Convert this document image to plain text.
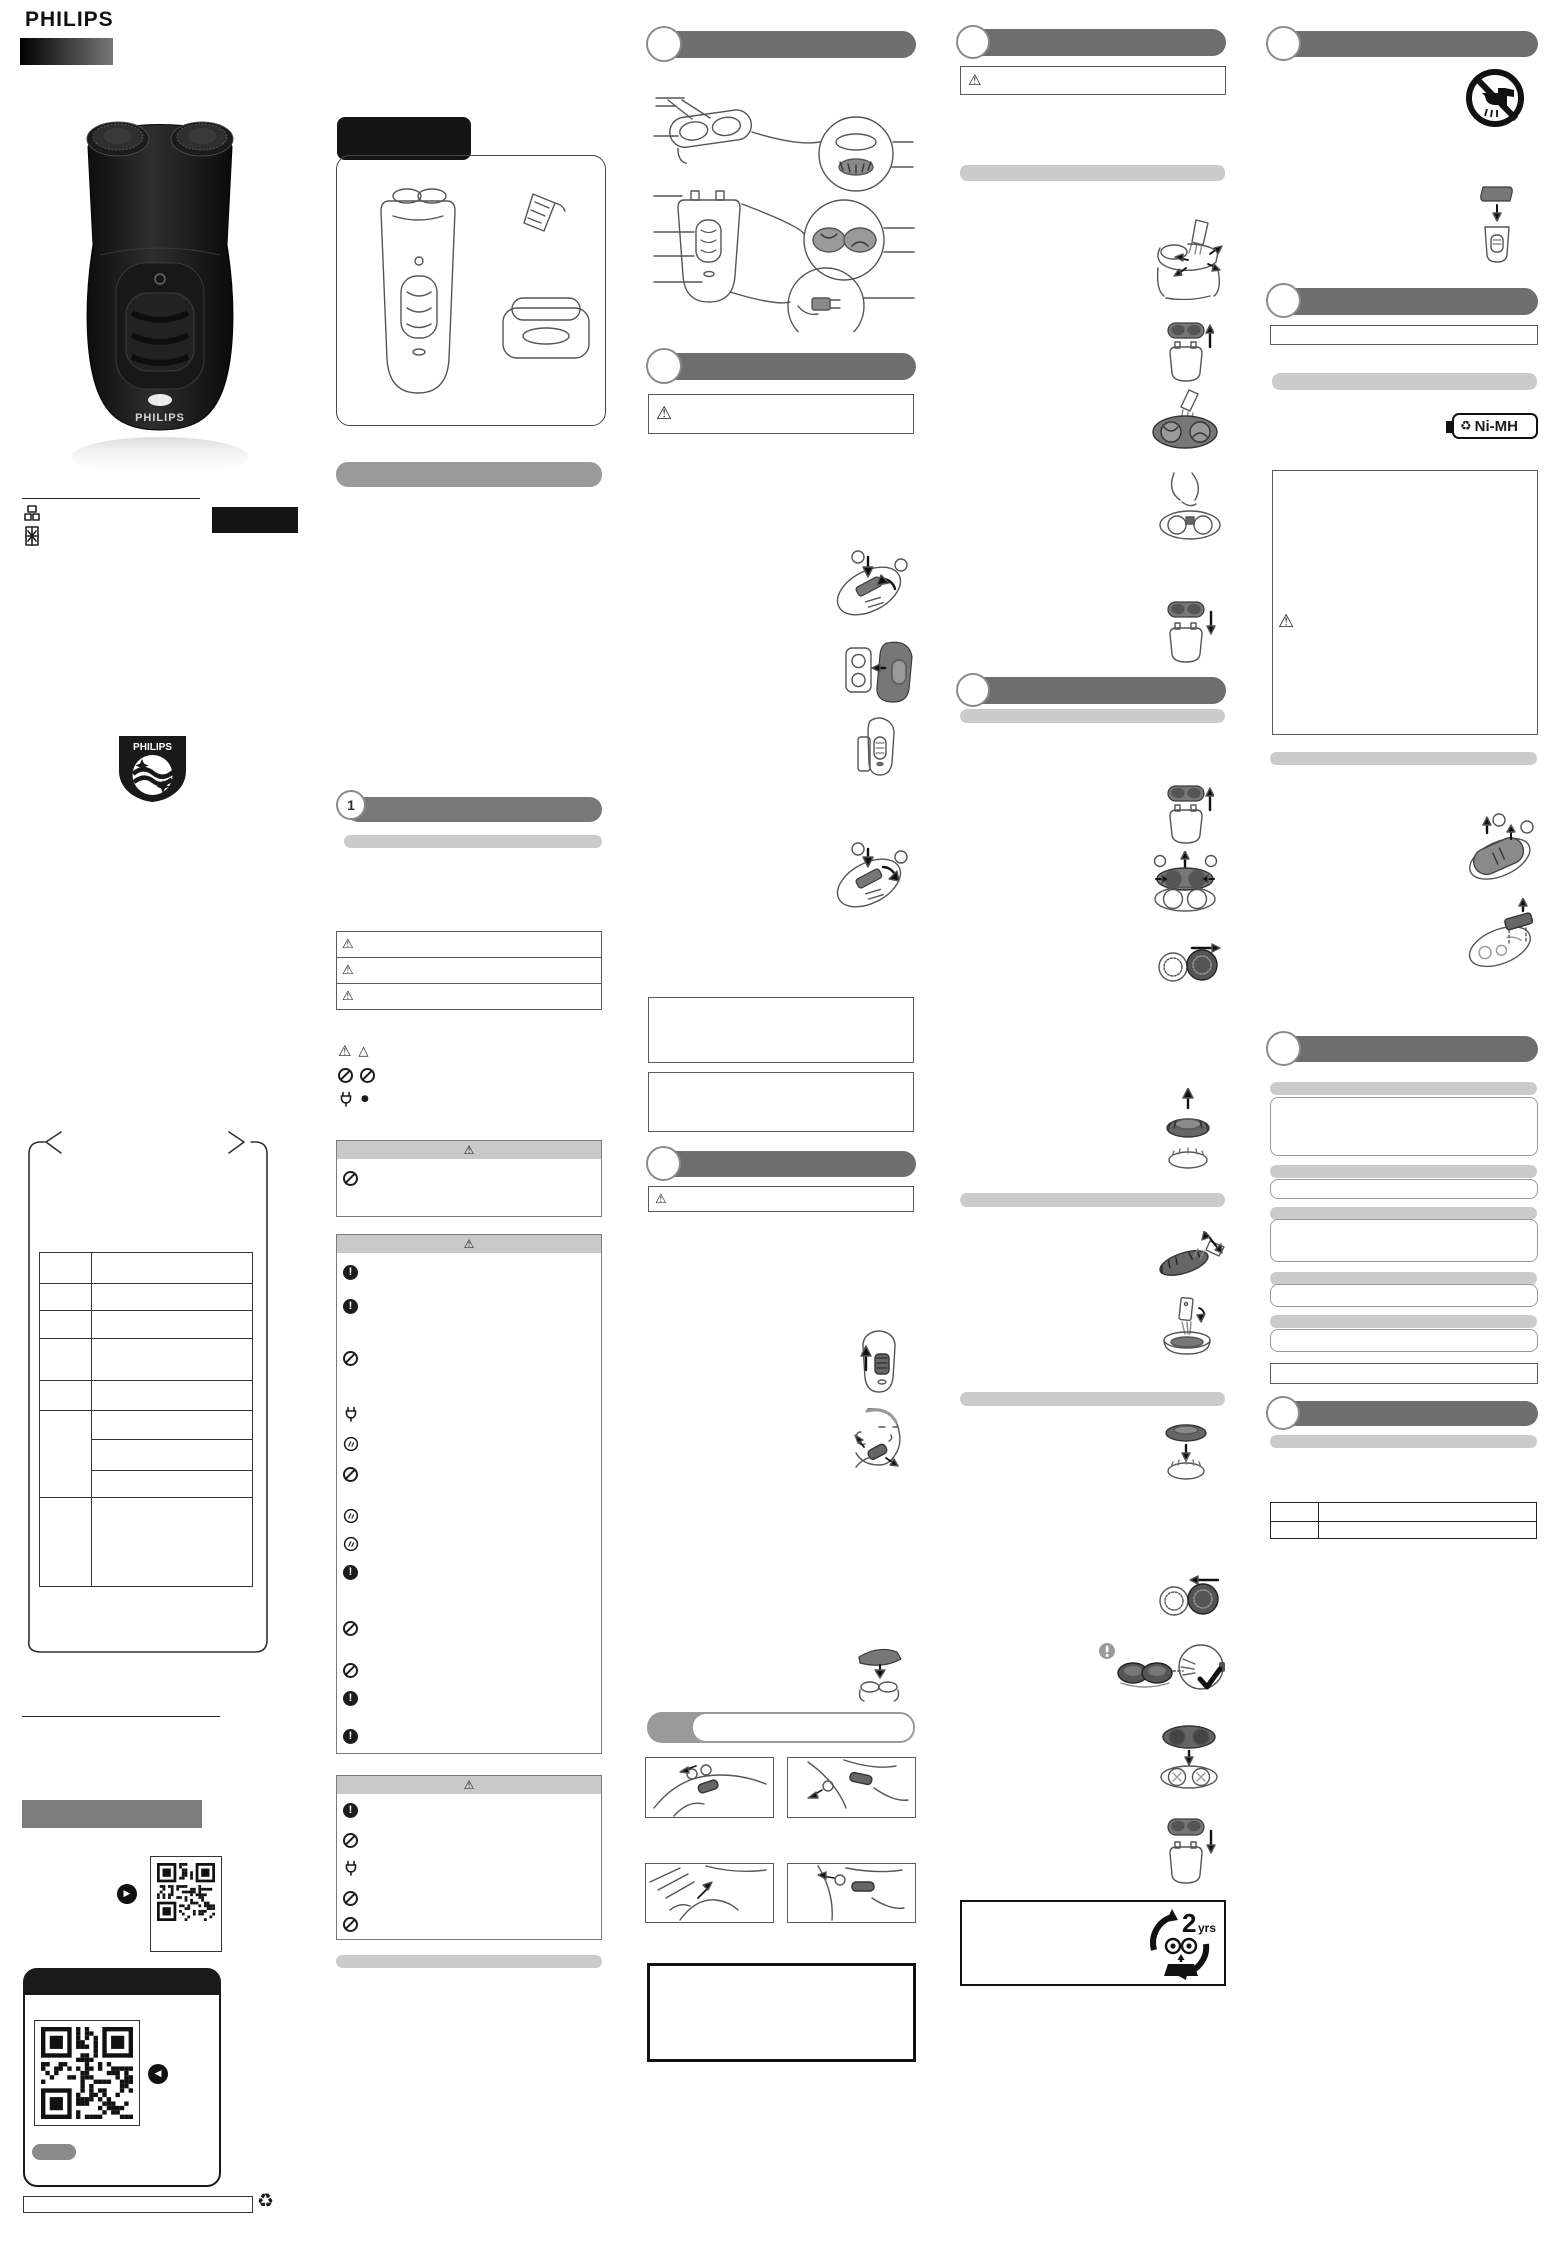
PHILIPS
PHILIPS
PHILIPS
▶
◀
♻
1
⚠
⚠
⚠
⚠ △
●
⚠
⚠
!
!
!
!
!
⚠
!
⚠
⚠
⚠
2 yrs
♻ Ni-MH
⚠
